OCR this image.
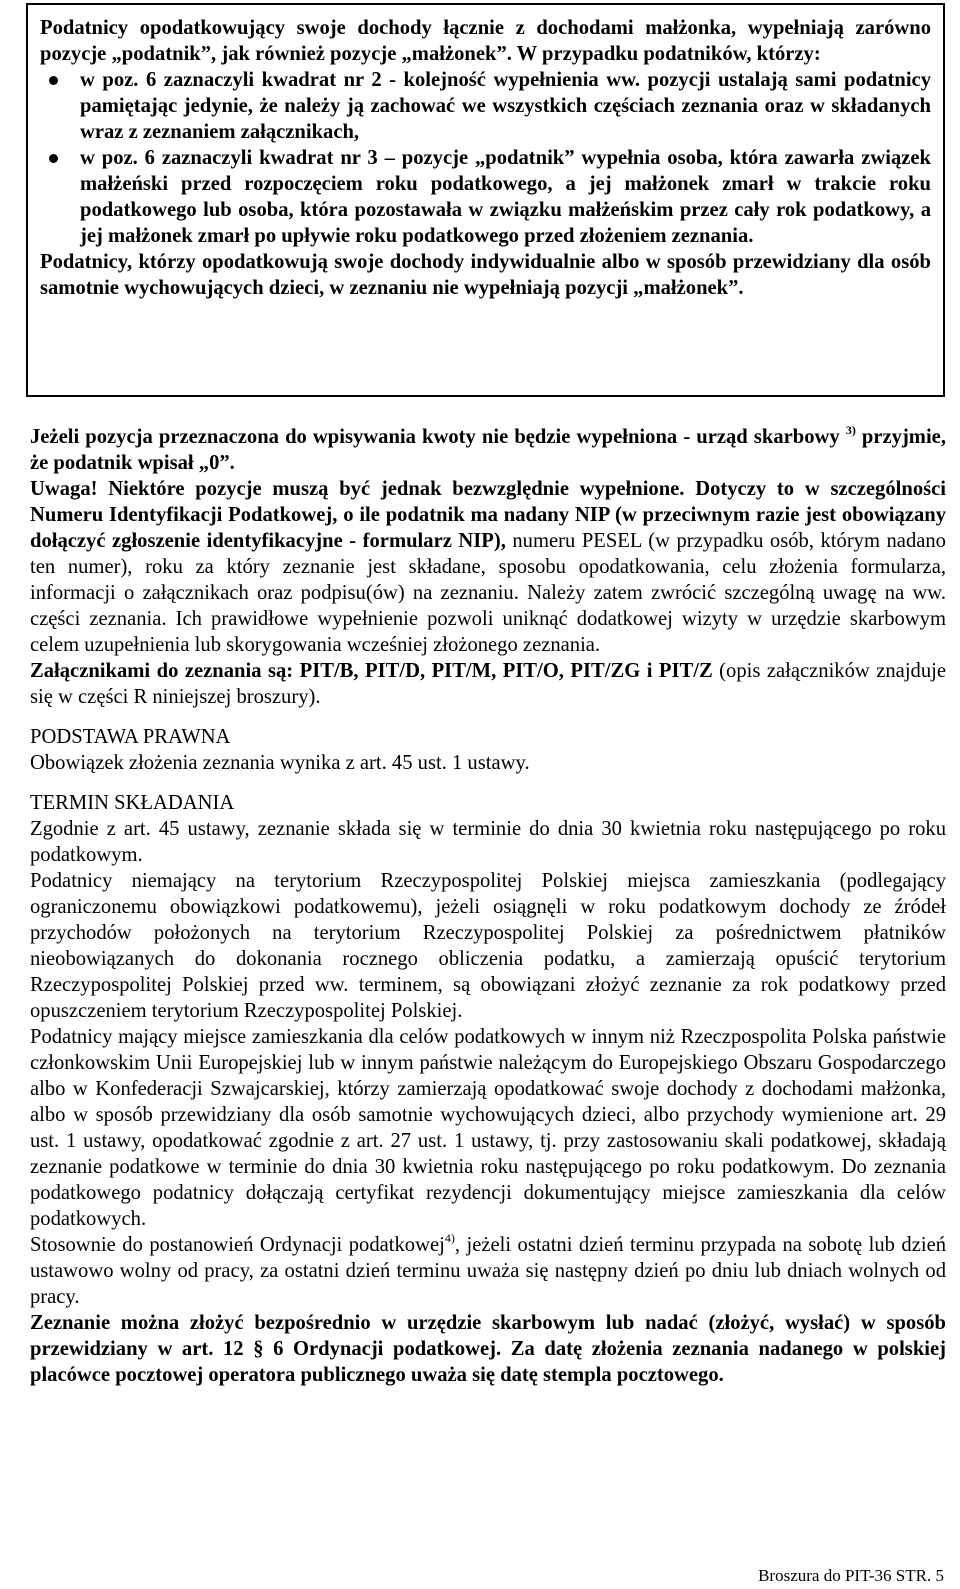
Podatnicy opodatkowujący swoje dochody łącznie z dochodami małżonka, wypełniają zarówno pozycje „podatnik”, jak również pozycje „małżonek”. W przypadku podatników, którzy:

w poz. 6 zaznaczyli kwadrat nr 2 - kolejność wypełnienia ww. pozycji ustalają sami podatnicy pamiętając jedynie, że należy ją zachować we wszystkich częściach zeznania oraz w składanych wraz z zeznaniem załącznikach,
w poz. 6 zaznaczyli kwadrat nr 3 – pozycje „podatnik” wypełnia osoba, która zawarła związek małżeński przed rozpoczęciem roku podatkowego, a jej małżonek zmarł w trakcie roku podatkowego lub osoba, która pozostawała w związku małżeńskim przez cały rok podatkowy, a jej małżonek zmarł po upływie roku podatkowego przed złożeniem zeznania.

Podatnicy, którzy opodatkowują swoje dochody indywidualnie albo w sposób przewidziany dla osób samotnie wychowujących dzieci, w zeznaniu nie wypełniają pozycji „małżonek”.

Jeżeli pozycja przeznaczona do wpisywania kwoty nie będzie wypełniona - urząd skarbowy $^{3)}$ przyjmie, że podatnik wpisał „0”.

Uwaga! Niektóre pozycje muszą być jednak bezwzględnie wypełnione. Dotyczy to w szczególności Numeru Identyfikacji Podatkowej, o ile podatnik ma nadany NIP (w przeciwnym razie jest obowiązany dołączyć zgłoszenie identyfikacyjne - formularz NIP), numeru PESEL (w przypadku osób, którym nadano ten numer), roku za który zeznanie jest składane, sposobu opodatkowania, celu złożenia formularza, informacji o załącznikach oraz podpisu(ów) na zeznaniu. Należy zatem zwrócić szczególną uwagę na ww. części zeznania. Ich prawidłowe wypełnienie pozwoli uniknąć dodatkowej wizyty w urzędzie skarbowym celem uzupełnienia lub skorygowania wcześniej złożonego zeznania.

Załącznikami do zeznania są: PIT/B, PIT/D, PIT/M, PIT/O, PIT/ZG i PIT/Z (opis załączników znajduje się w części R niniejszej broszury).

PODSTAWA PRAWNA

Obowiązek złożenia zeznania wynika z art. 45 ust. 1 ustawy.

TERMIN SKŁADANIA

Zgodnie z art. 45 ustawy, zeznanie składa się w terminie do dnia 30 kwietnia roku następującego po roku podatkowym.

Podatnicy niemający na terytorium Rzeczypospolitej Polskiej miejsca zamieszkania (podlegający ograniczonemu obowiązkowi podatkowemu), jeżeli osiągnęli w roku podatkowym dochody ze źródeł przychodów położonych na terytorium Rzeczypospolitej Polskiej za pośrednictwem płatników nieobowiązanych do dokonania rocznego obliczenia podatku, a zamierzają opuścić terytorium Rzeczypospolitej Polskiej przed ww. terminem, są obowiązani złożyć zeznanie za rok podatkowy przed opuszczeniem terytorium Rzeczypospolitej Polskiej.

Podatnicy mający miejsce zamieszkania dla celów podatkowych w innym niż Rzeczpospolita Polska państwie członkowskim Unii Europejskiej lub w innym państwie należącym do Europejskiego Obszaru Gospodarczego albo w Konfederacji Szwajcarskiej, którzy zamierzają opodatkować swoje dochody z dochodami małżonka, albo w sposób przewidziany dla osób samotnie wychowujących dzieci, albo przychody wymienione art. 29 ust. 1 ustawy, opodatkować zgodnie z art. 27 ust. 1 ustawy, tj. przy zastosowaniu skali podatkowej, składają zeznanie podatkowe w terminie do dnia 30 kwietnia roku następującego po roku podatkowym. Do zeznania podatkowego podatnicy dołączają certyfikat rezydencji dokumentujący miejsce zamieszkania dla celów podatkowych.

Stosownie do postanowień Ordynacji podatkowej$^{4)}$, jeżeli ostatni dzień terminu przypada na sobotę lub dzień ustawowo wolny od pracy, za ostatni dzień terminu uważa się następny dzień po dniu lub dniach wolnych od pracy.

Zeznanie można złożyć bezpośrednio w urzędzie skarbowym lub nadać (złożyć, wysłać) w sposób przewidziany w art. 12 § 6 Ordynacji podatkowej. Za datę złożenia zeznania nadanego w polskiej placówce pocztowej operatora publicznego uważa się datę stempla pocztowego.

Broszura do PIT-36 STR. 5
